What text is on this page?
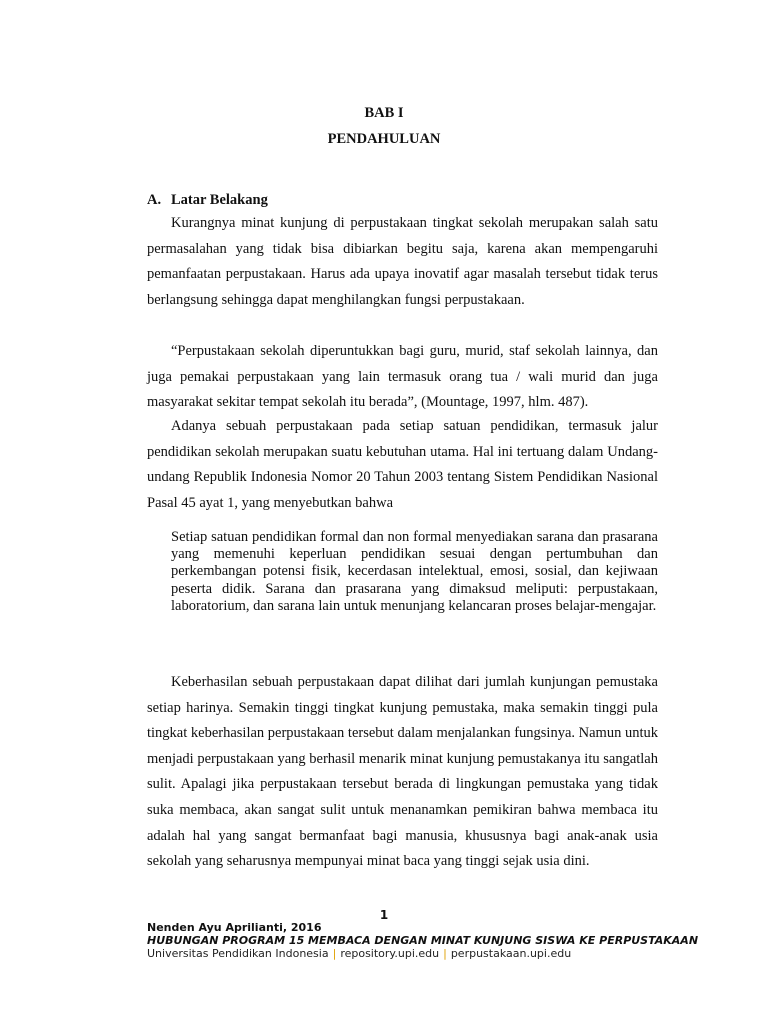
BAB I
PENDAHULUAN
A. Latar Belakang

Kurangnya minat kunjung di perpustakaan tingkat sekolah merupakan salah satu permasalahan yang tidak bisa dibiarkan begitu saja, karena akan mempengaruhi pemanfaatan perpustakaan. Harus ada upaya inovatif agar masalah tersebut tidak terus berlangsung sehingga dapat menghilangkan fungsi perpustakaan.

“Perpustakaan sekolah diperuntukkan bagi guru, murid, staf sekolah lainnya, dan juga pemakai perpustakaan yang lain termasuk orang tua / wali murid dan juga masyarakat sekitar tempat sekolah itu berada”, (Mountage, 1997, hlm. 487).

Adanya sebuah perpustakaan pada setiap satuan pendidikan, termasuk jalur pendidikan sekolah merupakan suatu kebutuhan utama. Hal ini tertuang dalam Undang-undang Republik Indonesia Nomor 20 Tahun 2003 tentang Sistem Pendidikan Nasional Pasal 45 ayat 1, yang menyebutkan bahwa

Setiap satuan pendidikan formal dan non formal menyediakan sarana dan prasarana yang memenuhi keperluan pendidikan sesuai dengan pertumbuhan dan perkembangan potensi fisik, kecerdasan intelektual, emosi, sosial, dan kejiwaan peserta didik. Sarana dan prasarana yang dimaksud meliputi: perpustakaan, laboratorium, dan sarana lain untuk menunjang kelancaran proses belajar-mengajar.

Keberhasilan sebuah perpustakaan dapat dilihat dari jumlah kunjungan pemustaka setiap harinya. Semakin tinggi tingkat kunjung pemustaka, maka semakin tinggi pula tingkat keberhasilan perpustakaan tersebut dalam menjalankan fungsinya. Namun untuk menjadi perpustakaan yang berhasil menarik minat kunjung pemustakanya itu sangatlah sulit. Apalagi jika perpustakaan tersebut berada di lingkungan pemustaka yang tidak suka membaca, akan sangat sulit untuk menanamkan pemikiran bahwa membaca itu adalah hal yang sangat bermanfaat bagi manusia, khususnya bagi anak-anak usia sekolah yang seharusnya mempunyai minat baca yang tinggi sejak usia dini.

1

Nenden Ayu Aprilianti, 2016

HUBUNGAN PROGRAM 15 MEMBACA DENGAN MINAT KUNJUNG SISWA KE PERPUSTAKAAN

Universitas Pendidikan Indonesia | repository.upi.edu | perpustakaan.upi.edu
